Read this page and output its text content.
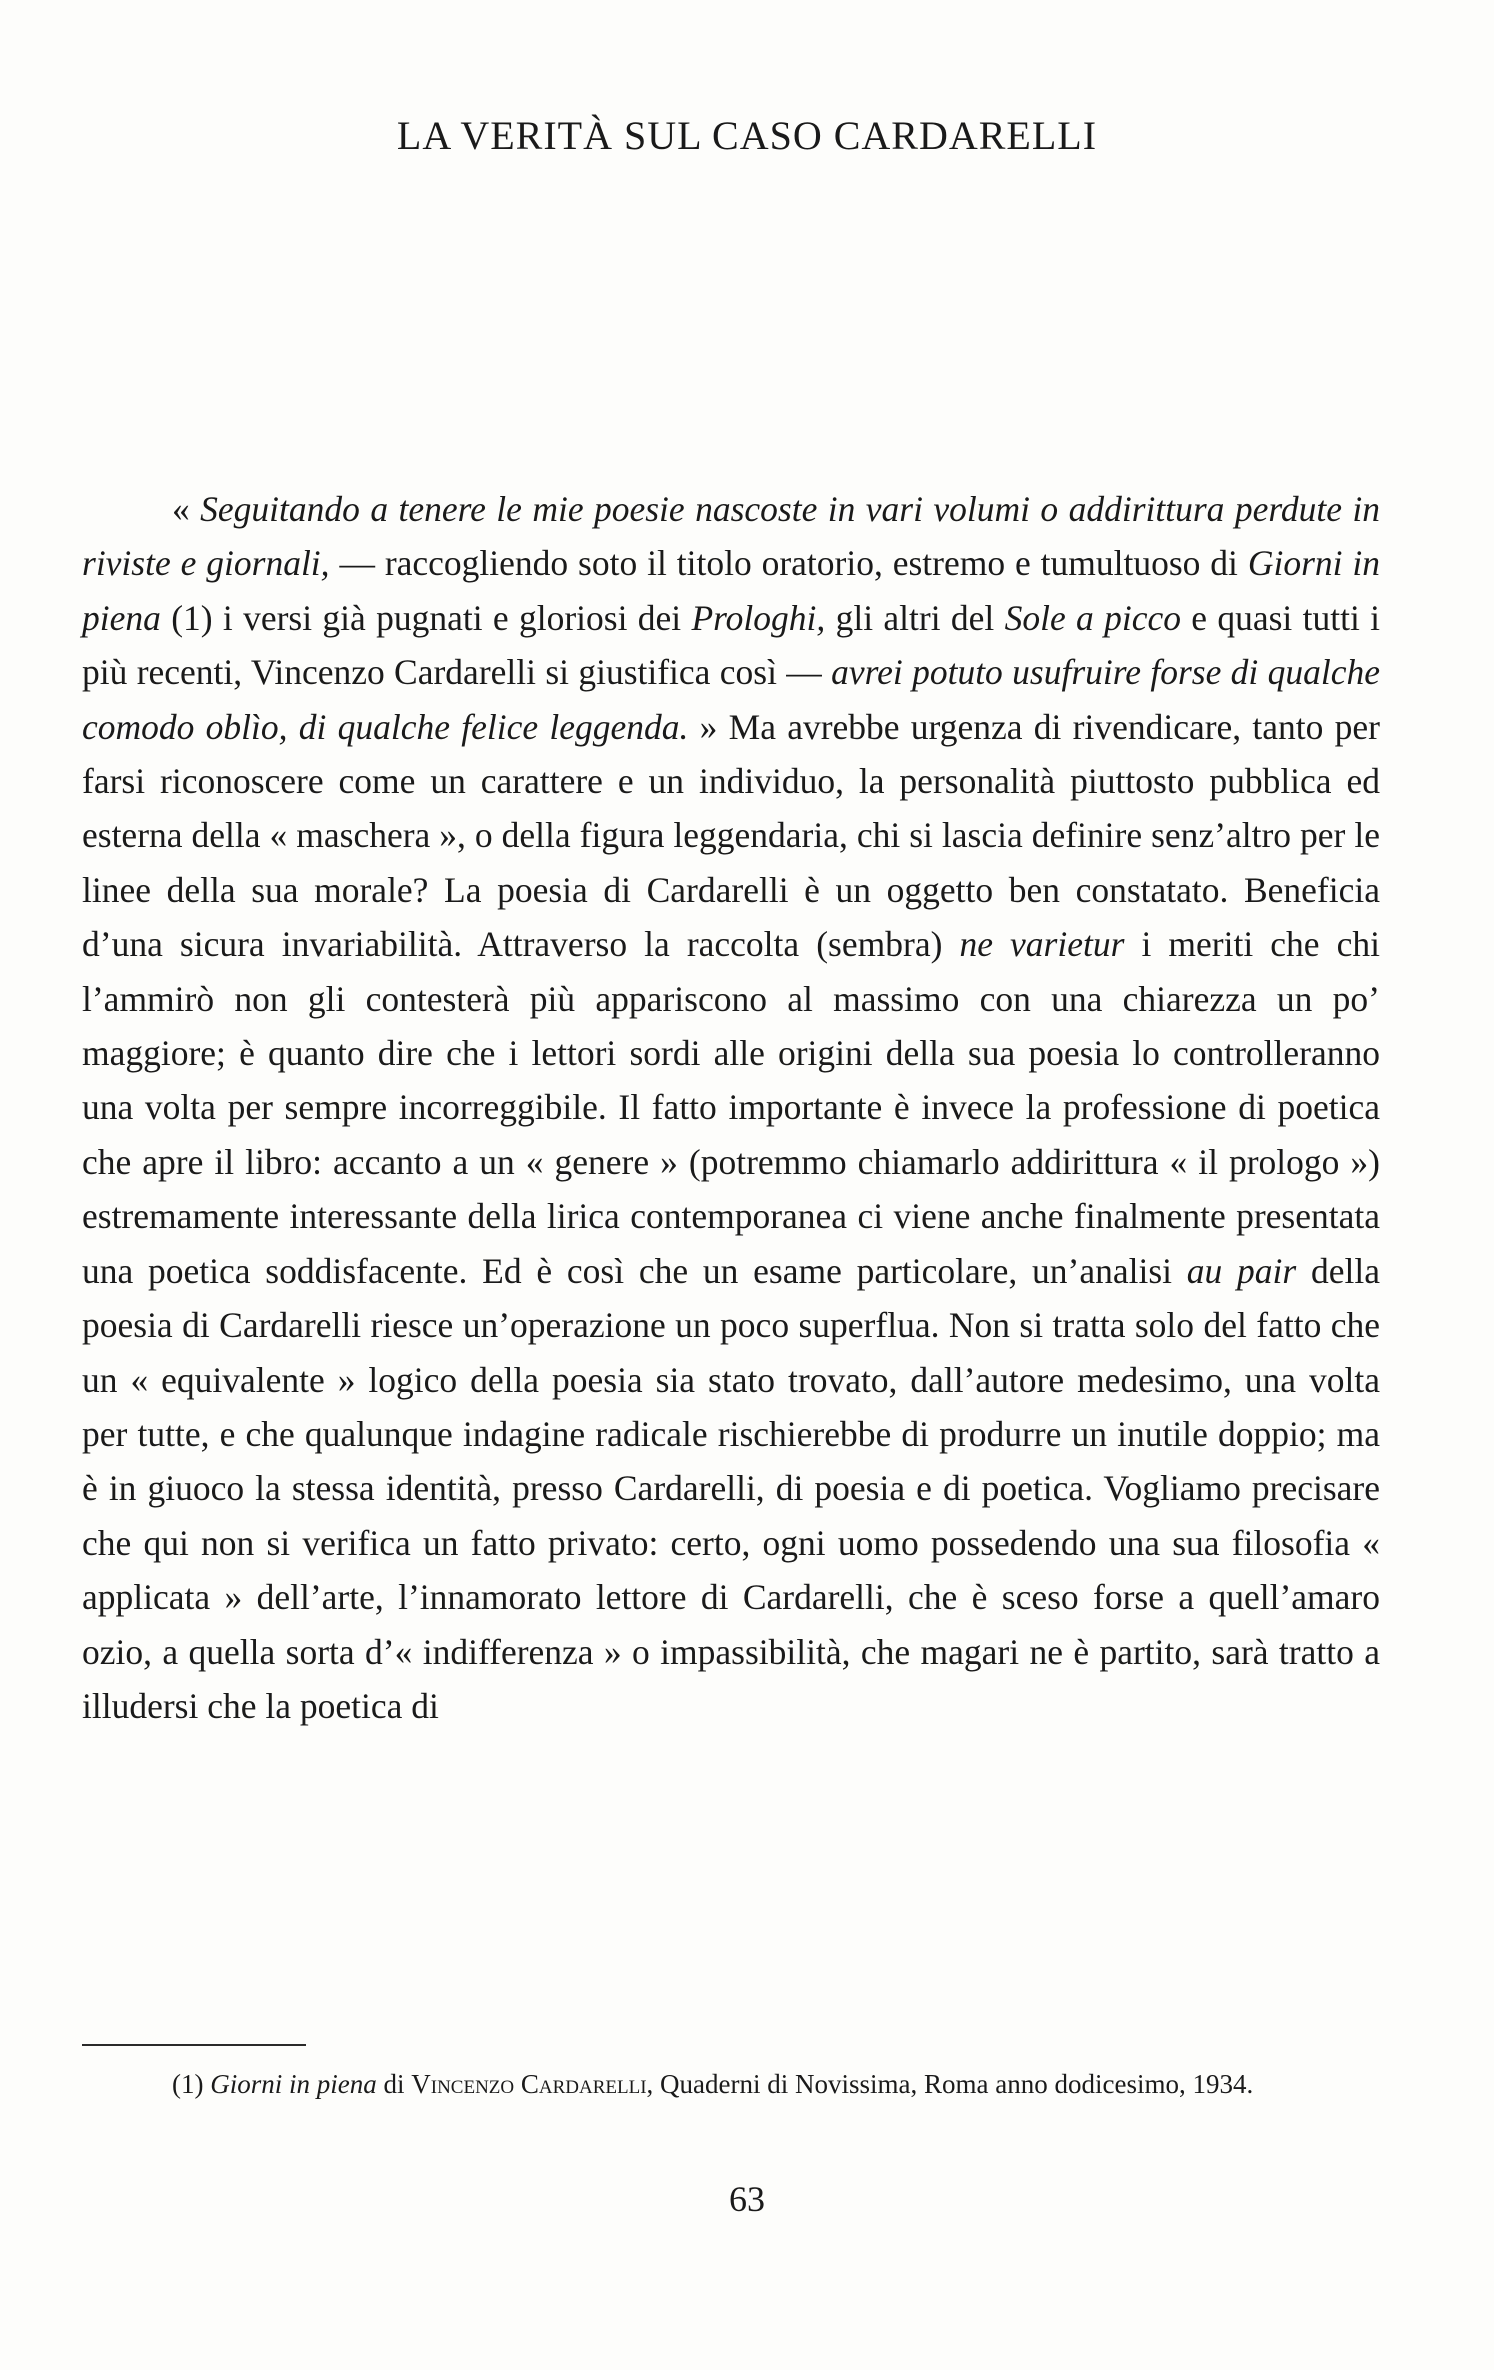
LA VERITÀ SUL CASO CARDARELLI

« Seguitando a tenere le mie poesie nascoste in vari volumi o addirittura perdute in riviste e giornali, — raccogliendo soto il titolo oratorio, estremo e tumultuoso di Giorni in piena (1) i versi già pugnati e gloriosi dei Prologhi, gli altri del Sole a picco e quasi tutti i più recenti, Vincenzo Cardarelli si giustifica così — avrei potuto usufruire forse di qualche comodo oblìo, di qualche felice leggenda. » Ma avrebbe urgenza di rivendicare, tanto per farsi riconoscere come un carattere e un individuo, la personalità piuttosto pubblica ed esterna della « maschera », o della figura leggendaria, chi si lascia definire senz’altro per le linee della sua morale? La poesia di Cardarelli è un oggetto ben constatato. Beneficia d’una sicura invariabilità. Attraverso la raccolta (sembra) ne varietur i meriti che chi l’ammirò non gli contesterà più appariscono al massimo con una chiarezza un po’ maggiore; è quanto dire che i lettori sordi alle origini della sua poesia lo controlleranno una volta per sempre incorreggibile. Il fatto importante è invece la professione di poetica che apre il libro: accanto a un « genere » (potremmo chiamarlo addirittura « il prologo ») estremamente interessante della lirica contemporanea ci viene anche finalmente presentata una poetica soddisfacente. Ed è così che un esame particolare, un’analisi au pair della poesia di Cardarelli riesce un’operazione un poco superflua. Non si tratta solo del fatto che un « equivalente » logico della poesia sia stato trovato, dall’autore medesimo, una volta per tutte, e che qualunque indagine radicale rischierebbe di produrre un inutile doppio; ma è in giuoco la stessa identità, presso Cardarelli, di poesia e di poetica. Vogliamo precisare che qui non si verifica un fatto privato: certo, ogni uomo possedendo una sua filosofia « applicata » dell’arte, l’innamorato lettore di Cardarelli, che è sceso forse a quell’amaro ozio, a quella sorta d’« indifferenza » o impassibilità, che magari ne è partito, sarà tratto a illudersi che la poetica di

(1) Giorni in piena di Vincenzo Cardarelli, Quaderni di Novissima, Roma anno dodicesimo, 1934.

63
